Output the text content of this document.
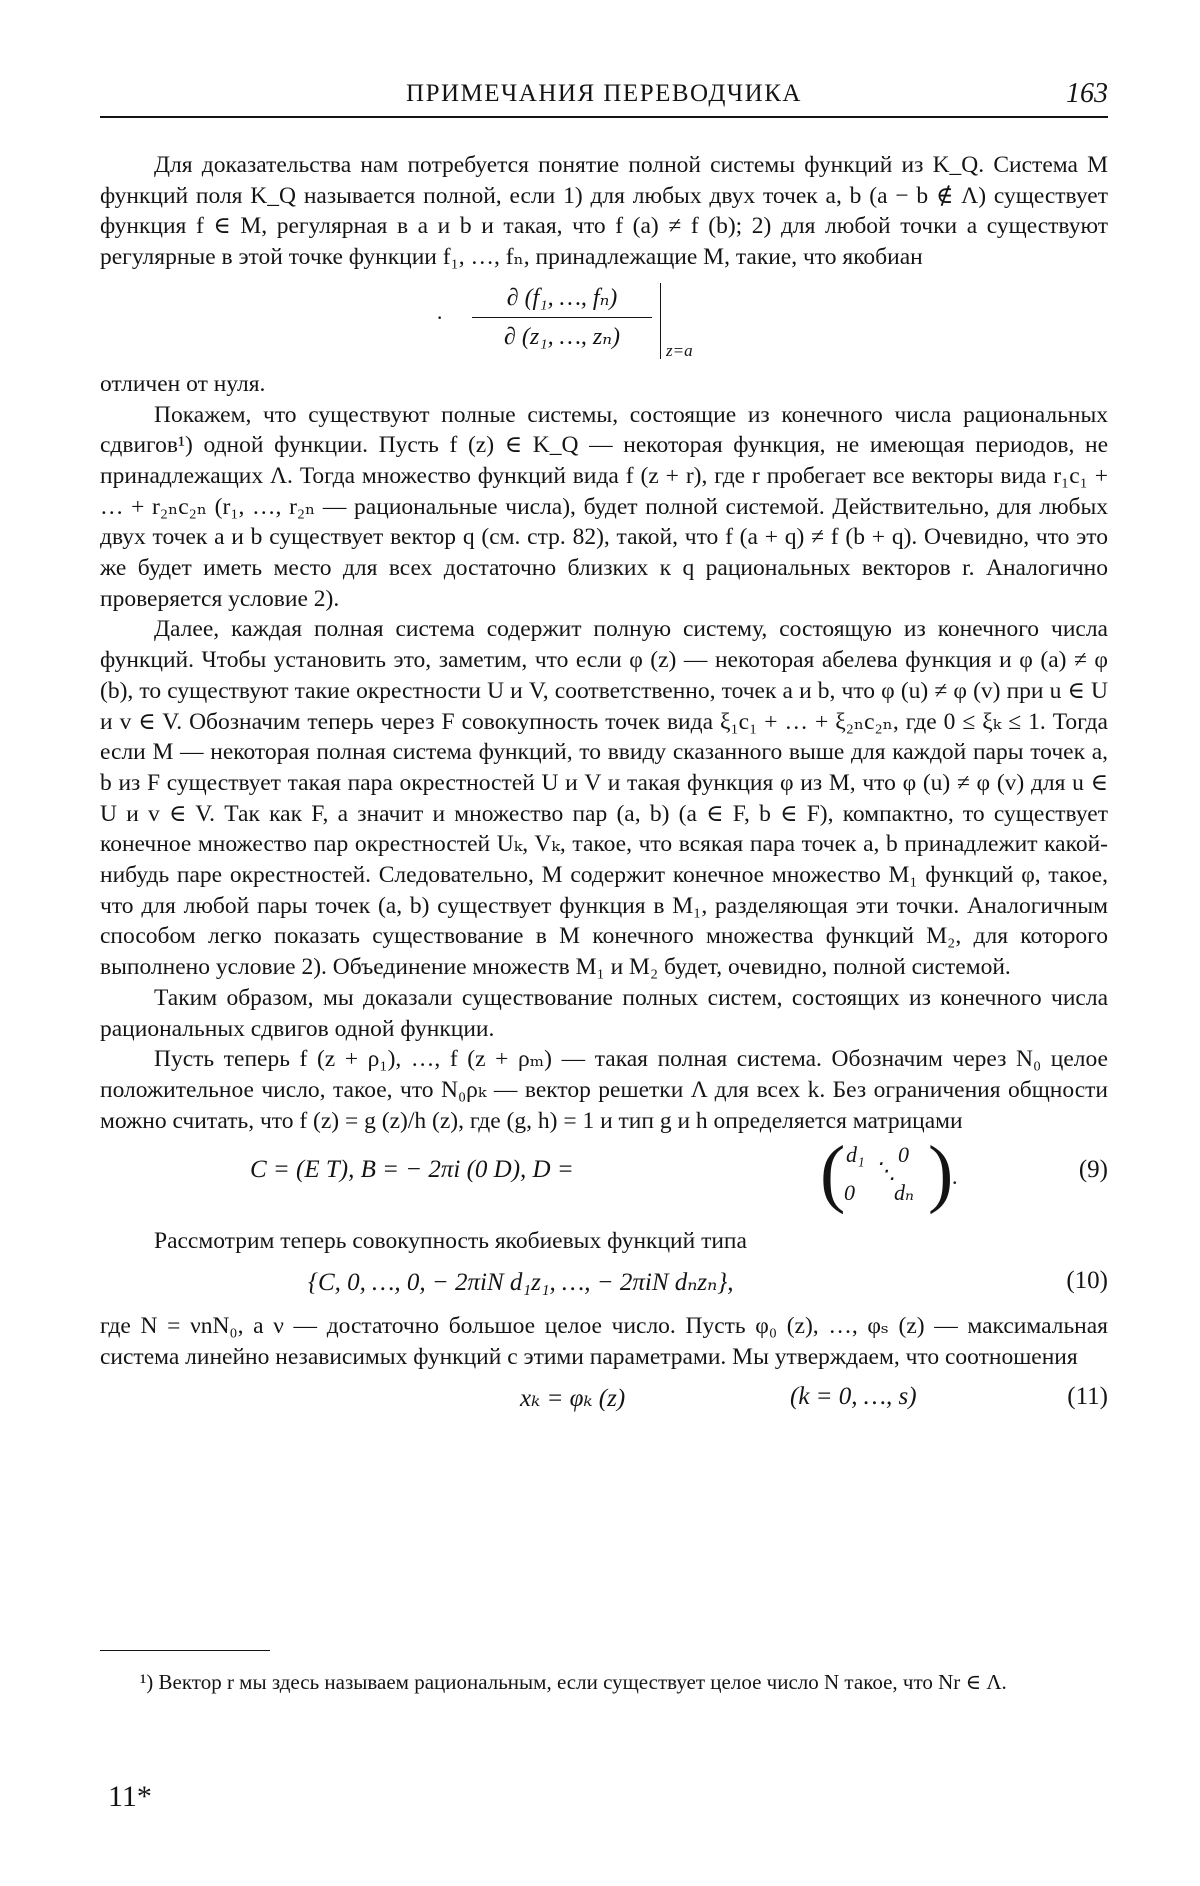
ПРИМЕЧАНИЯ ПЕРЕВОДЧИКА	163

Для доказательства нам потребуется понятие полной системы функций из K_Q. Система M функций поля K_Q называется полной, если 1) для любых двух точек a, b (a − b ∉ Λ) существует функция f ∈ M, регулярная в a и b и такая, что f (a) ≠ f (b); 2) для любой точки a существуют регулярные в этой точке функции f₁, …, fₙ, принадлежащие M, такие, что якобиан

·
∂ (f₁, …, fₙ)
∂ (z₁, …, zₙ)
z=a

отличен от нуля.

Покажем, что существуют полные системы, состоящие из конечного числа рациональных сдвигов¹) одной функции. Пусть f (z) ∈ K_Q — некоторая функция, не имеющая периодов, не принадлежащих Λ. Тогда множество функций вида f (z + r), где r пробегает все векторы вида r₁c₁ + … + r₂ₙc₂ₙ (r₁, …, r₂ₙ — рациональные числа), будет полной системой. Действительно, для любых двух точек a и b существует вектор q (см. стр. 82), такой, что f (a + q) ≠ f (b + q). Очевидно, что это же будет иметь место для всех достаточно близких к q рациональных векторов r. Аналогично проверяется условие 2).

Далее, каждая полная система содержит полную систему, состоящую из конечного числа функций. Чтобы установить это, заметим, что если φ (z) — некоторая абелева функция и φ (a) ≠ φ (b), то существуют такие окрестности U и V, соответственно, точек a и b, что φ (u) ≠ φ (v) при u ∈ U и v ∈ V. Обозначим теперь через F совокупность точек вида ξ₁c₁ + … + ξ₂ₙc₂ₙ, где 0 ≤ ξₖ ≤ 1. Тогда если M — некоторая полная система функций, то ввиду сказанного выше для каждой пары точек a, b из F существует такая пара окрестностей U и V и такая функция φ из M, что φ (u) ≠ φ (v) для u ∈ U и v ∈ V. Так как F, а значит и множество пар (a, b) (a ∈ F, b ∈ F), компактно, то существует конечное множество пар окрестностей Uₖ, Vₖ, такое, что всякая пара точек a, b принадлежит какой-нибудь паре окрестностей. Следовательно, M содержит конечное множество M₁ функций φ, такое, что для любой пары точек (a, b) существует функция в M₁, разделяющая эти точки. Аналогичным способом легко показать существование в M конечного множества функций M₂, для которого выполнено условие 2). Объединение множеств M₁ и M₂ будет, очевидно, полной системой.

Таким образом, мы доказали существование полных систем, состоящих из конечного числа рациональных сдвигов одной функции.

Пусть теперь f (z + ρ₁), …, f (z + ρₘ) — такая полная система. Обозначим через N₀ целое положительное число, такое, что N₀ρₖ — вектор решетки Λ для всех k. Без ограничения общности можно считать, что f (z) = g (z)/h (z), где (g, h) = 1 и тип g и h определяется матрицами

C = (E T), B = − 2πi (0 D), D =	( d₁ 0
⋱
0 dₙ )
.	(9)

Рассмотрим теперь совокупность якобиевых функций типа

{C, 0, …, 0, − 2πiN d₁z₁, …, − 2πiN dₙzₙ},	(10)

где N = νnN₀, а ν — достаточно большое целое число. Пусть φ₀ (z), …, φₛ (z) — максимальная система линейно независимых функций с этими параметрами. Мы утверждаем, что соотношения

xₖ = φₖ (z)	(k = 0, …, s)	(11)

¹) Вектор r мы здесь называем рациональным, если существует целое число N такое, что Nr ∈ Λ.

11*
